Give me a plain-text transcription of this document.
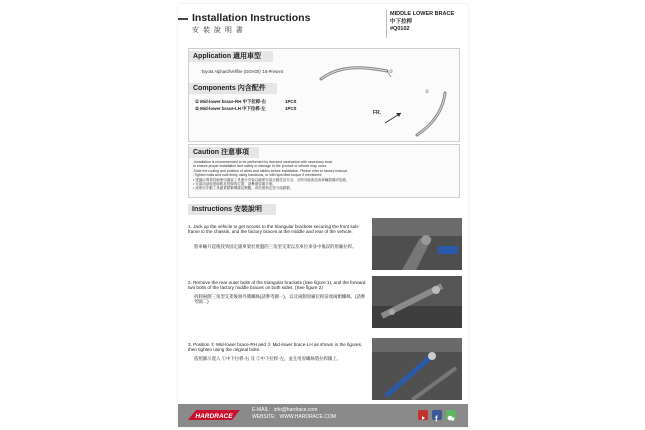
Installation Instructions
安 裝 說 明 書
MIDDLE LOWER BRACE
中下拉桿
#Q0102
Application 適用車型
Toyota Alphard/Vellfire (GGH30) '15-Present
Components 內含配件
① Mid-lower brace-RH 中下拉桿-右	1PCS
② Mid-lower brace-LH 中下拉桿-左	1PCS
②
①
FR.
Caution 注意事項
-Installation is recommended to be performed by licensed mechanics with necessary tools
to ensure proper installation and safety or damage to the product or vehicle may occur.
-Note the routing and position of wires and cables before installation. Please refer to factory manual.
-Tighten bolts and nuts firmly using handtools, or with specified torque if mentioned.
• 建議由專業技師使用適當工具進行安裝以確保安裝正確性及安全，否則可能會造成車輛損傷或危險。
• 安裝前請留意線路及管線的位置，請參照原廠手冊。
• 請使用手動工具確實鎖緊螺絲及螺帽，或依照指定扭力值鎖緊。
Instructions 安裝說明
1. Jack up the vehicle to get access to the triangular brackets securing the front sub-frame to the chassis, and the factory braces at the middle and rear of the vehicle.
將車輛升起後找到固定副車架於底盤的三角型支架以及車位車身中後段的原廠拉桿。
2. Remove the rear outer bolts of the triangular brackets (See figure 1), and the forward two bolts of the factory middle braces on both sides. (See figure 2)
拆卸兩側三角型支架後端外側螺絲(請參考圖一)，以及兩側原廠拉桿前端兩顆螺絲。(請參考圖二)
3. Position ① Mid-lower brace-RH and ② Mid-lower brace-LH as shown in the figures, then tighten using the original bolts.
依照圖示置入 ①中下拉桿-右 及 ②中下拉桿-左，並且用原螺絲將拉桿鎖上。
HARDRACE
E-MAIL：info@hardrace.com
WEBSITE：WWW.HARDRACE.COM	f
